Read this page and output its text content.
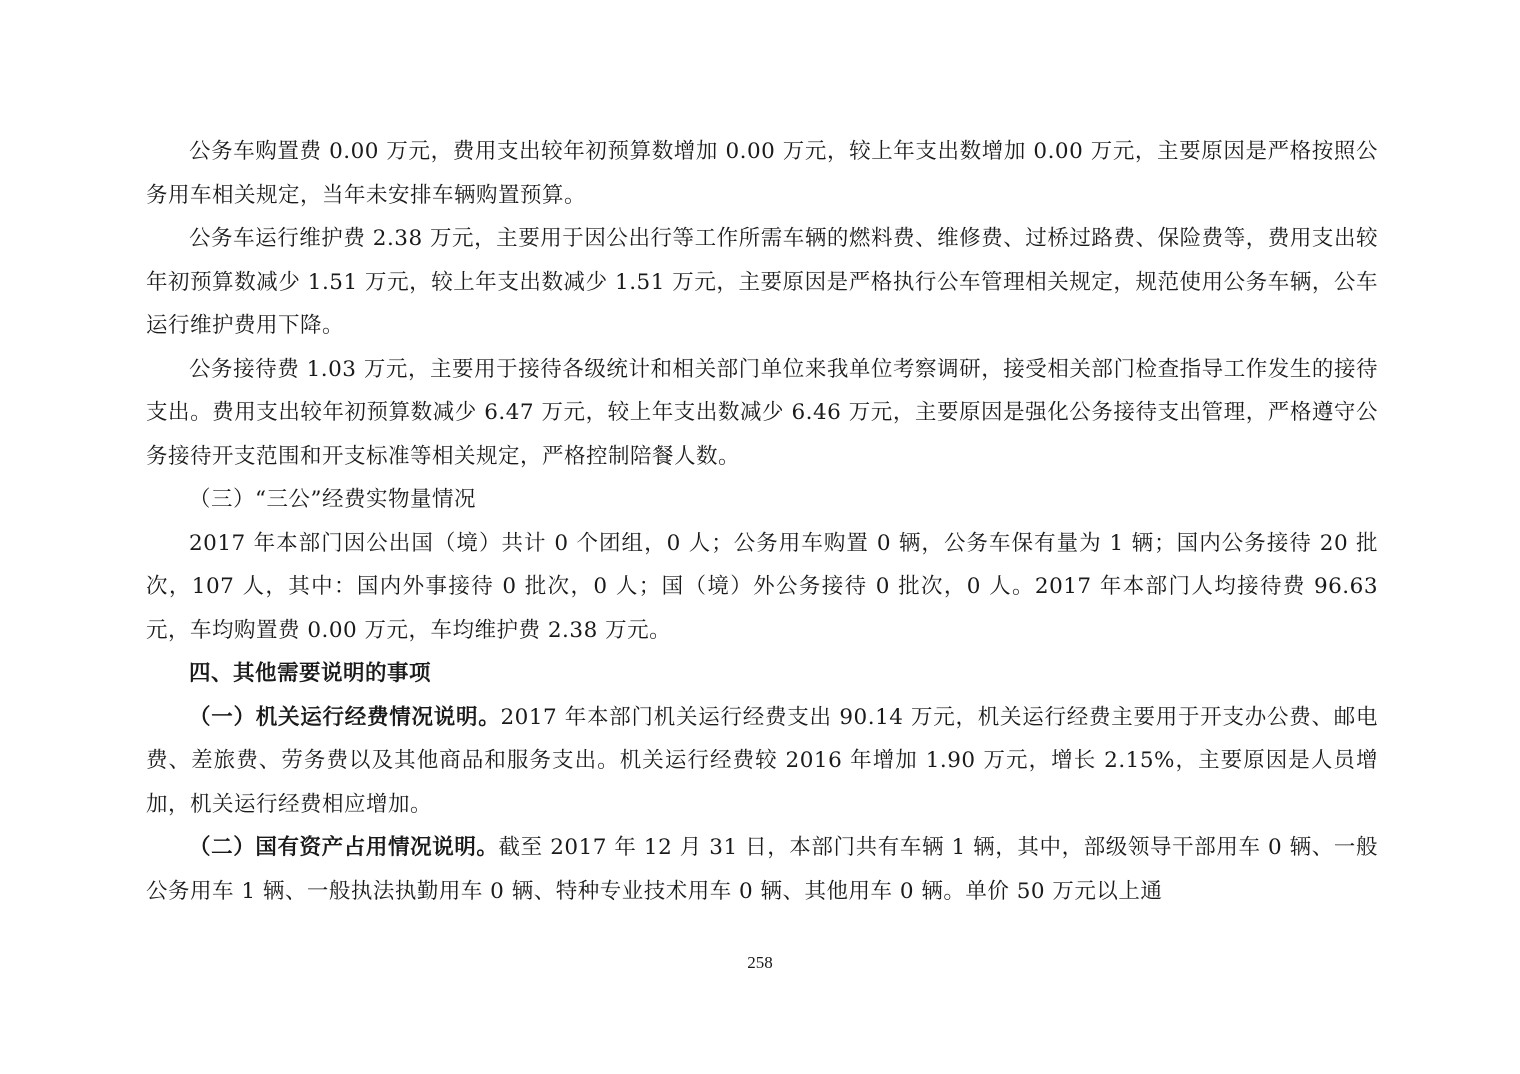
公务车购置费 0.00 万元，费用支出较年初预算数增加 0.00 万元，较上年支出数增加 0.00 万元，主要原因是严格按照公务用车相关规定，当年未安排车辆购置预算。

公务车运行维护费 2.38 万元，主要用于因公出行等工作所需车辆的燃料费、维修费、过桥过路费、保险费等，费用支出较年初预算数减少 1.51 万元，较上年支出数减少 1.51 万元，主要原因是严格执行公车管理相关规定，规范使用公务车辆，公车运行维护费用下降。

公务接待费 1.03 万元，主要用于接待各级统计和相关部门单位来我单位考察调研，接受相关部门检查指导工作发生的接待支出。费用支出较年初预算数减少 6.47 万元，较上年支出数减少 6.46 万元，主要原因是强化公务接待支出管理，严格遵守公务接待开支范围和开支标准等相关规定，严格控制陪餐人数。

（三）“三公”经费实物量情况

2017 年本部门因公出国（境）共计 0 个团组，0 人；公务用车购置 0 辆，公务车保有量为 1 辆；国内公务接待 20 批次，107 人，其中：国内外事接待 0 批次，0 人；国（境）外公务接待 0 批次，0 人。2017 年本部门人均接待费 96.63 元，车均购置费 0.00 万元，车均维护费 2.38 万元。

四、其他需要说明的事项

（一）机关运行经费情况说明。2017 年本部门机关运行经费支出 90.14 万元，机关运行经费主要用于开支办公费、邮电费、差旅费、劳务费以及其他商品和服务支出。机关运行经费较 2016 年增加 1.90 万元，增长 2.15%，主要原因是人员增加，机关运行经费相应增加。

（二）国有资产占用情况说明。截至 2017 年 12 月 31 日，本部门共有车辆 1 辆，其中，部级领导干部用车 0 辆、一般公务用车 1 辆、一般执法执勤用车 0 辆、特种专业技术用车 0 辆、其他用车 0 辆。单价 50 万元以上通

258
